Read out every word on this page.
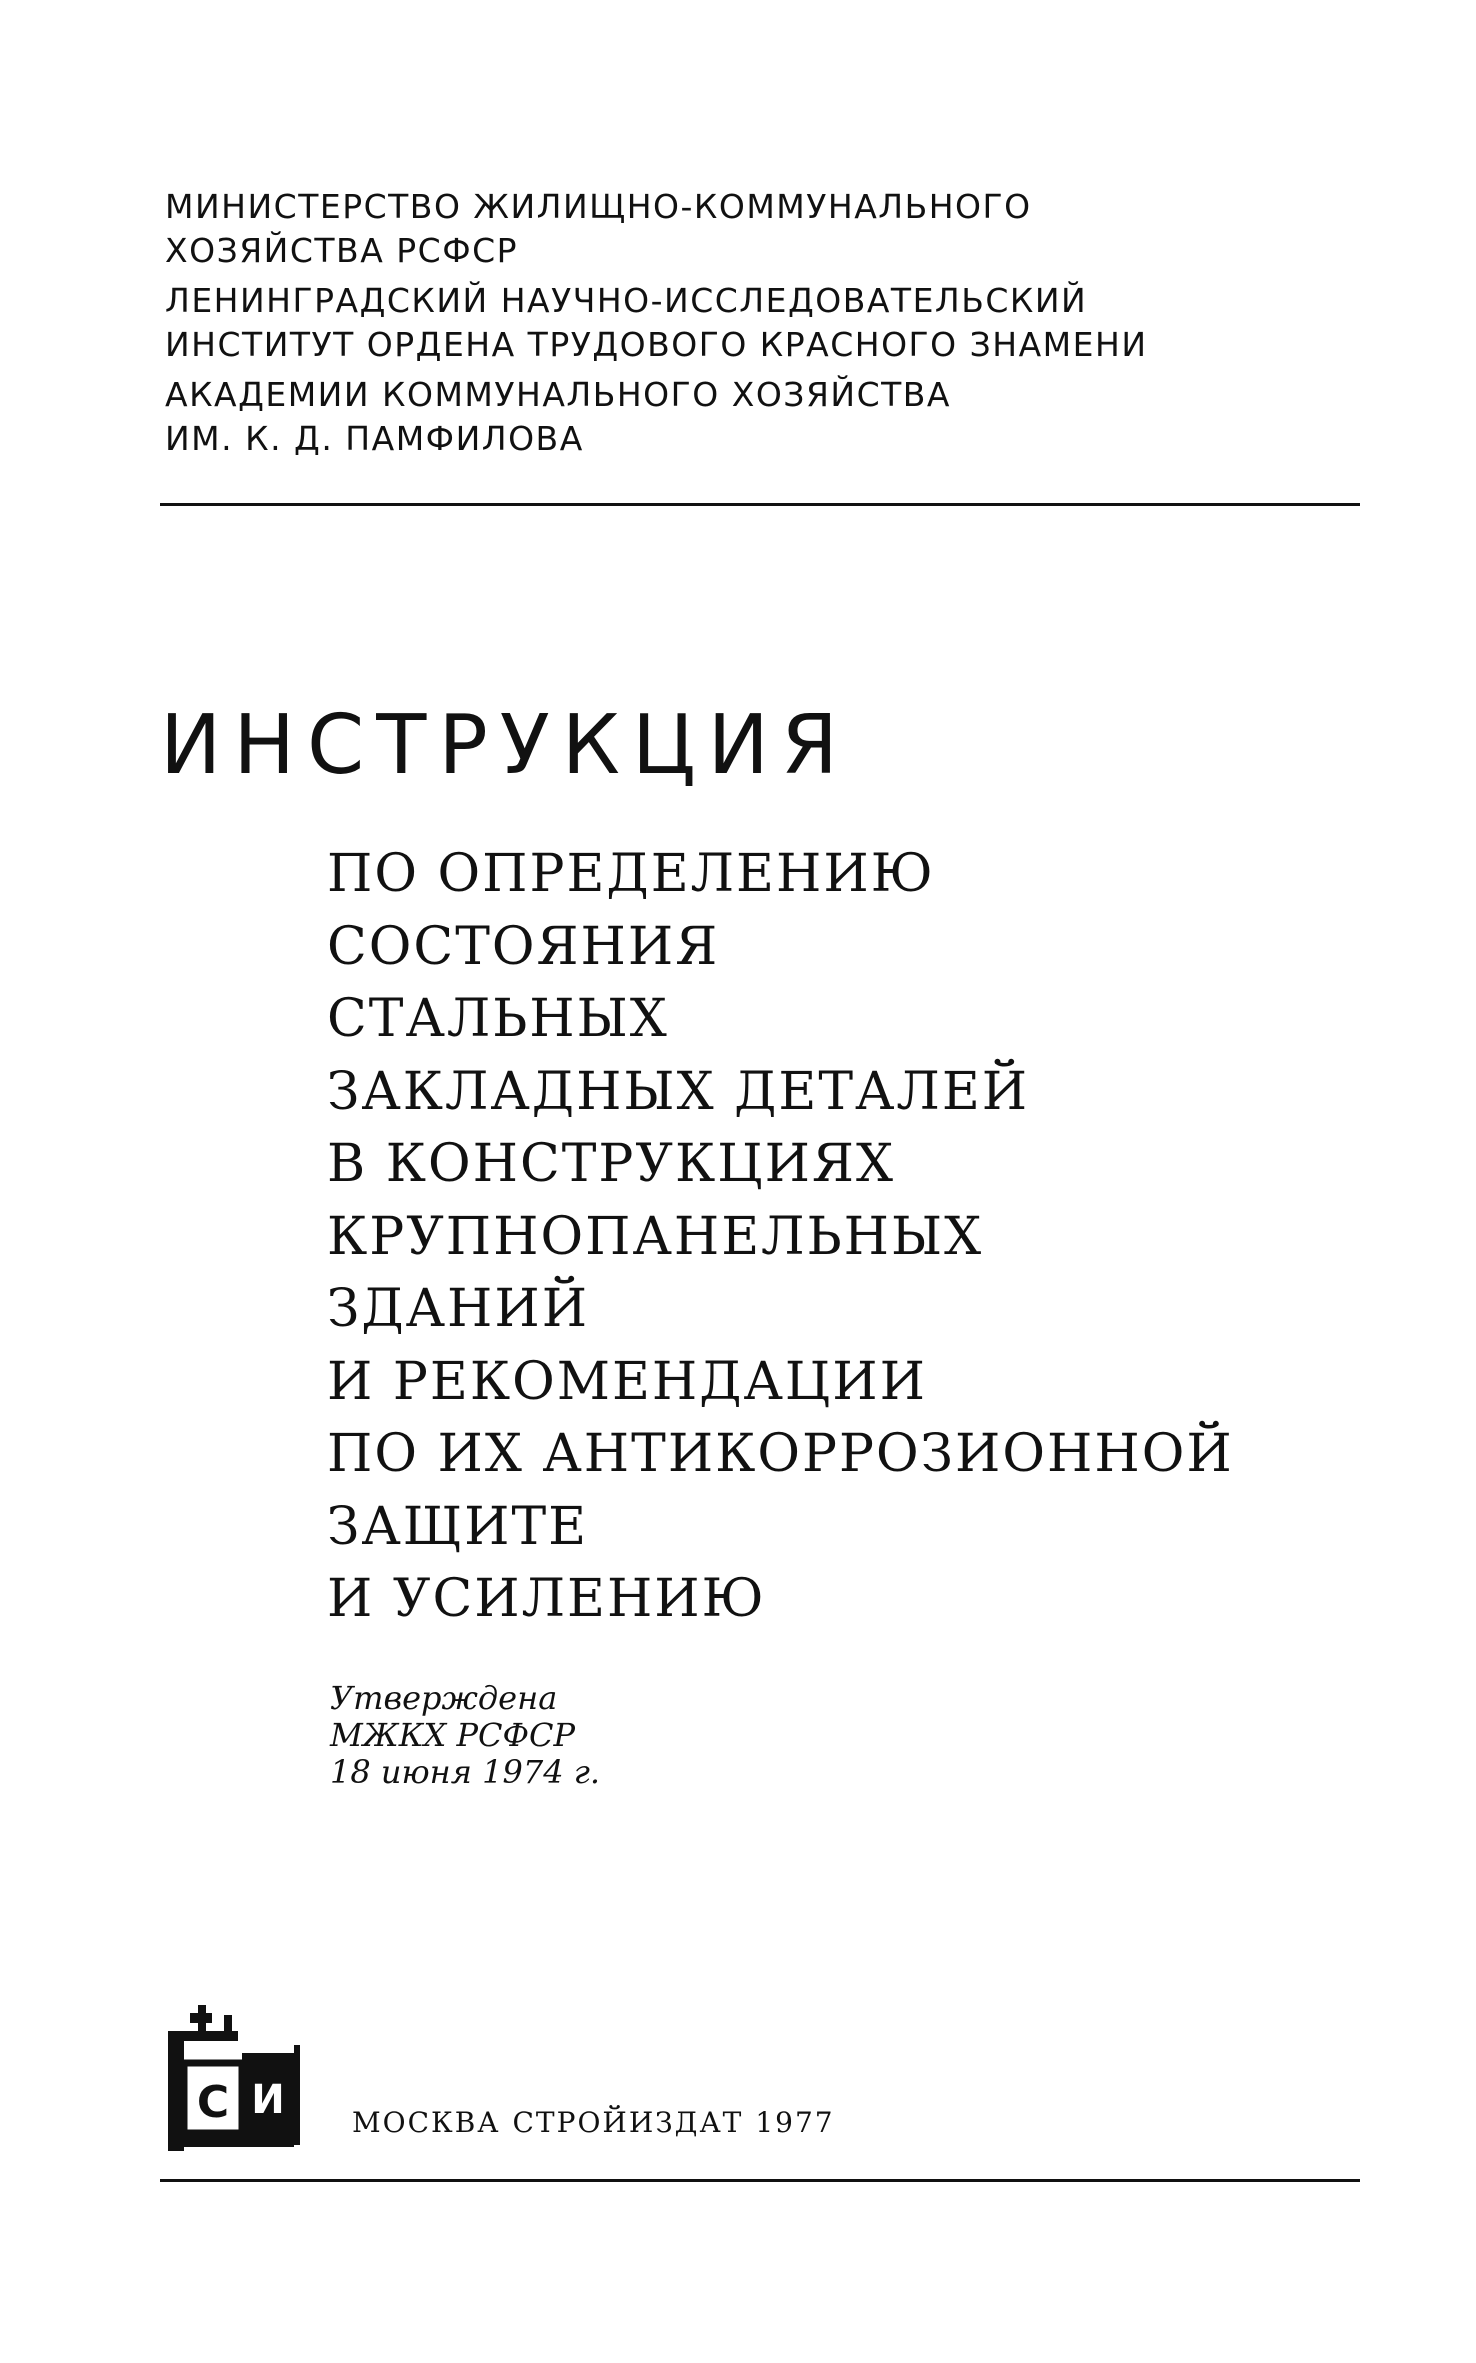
МИНИСТЕРСТВО ЖИЛИЩНО-КОММУНАЛЬНОГО
ХОЗЯЙСТВА РСФСР
ЛЕНИНГРАДСКИЙ НАУЧНО-ИССЛЕДОВАТЕЛЬСКИЙ
ИНСТИТУТ ОРДЕНА ТРУДОВОГО КРАСНОГО ЗНАМЕНИ
АКАДЕМИИ КОММУНАЛЬНОГО ХОЗЯЙСТВА
ИМ. К. Д. ПАМФИЛОВА
ИНСТРУКЦИЯ
ПО ОПРЕДЕЛЕНИЮ
СОСТОЯНИЯ
СТАЛЬНЫХ
ЗАКЛАДНЫХ ДЕТАЛЕЙ
В КОНСТРУКЦИЯХ
КРУПНОПАНЕЛЬНЫХ
ЗДАНИЙ
И РЕКОМЕНДАЦИИ
ПО ИХ АНТИКОРРОЗИОННОЙ
ЗАЩИТЕ
И УСИЛЕНИЮ
Утверждена
МЖКХ РСФСР
18 июня 1974 г.
С И МОСКВА СТРОЙИЗДАТ 1977
